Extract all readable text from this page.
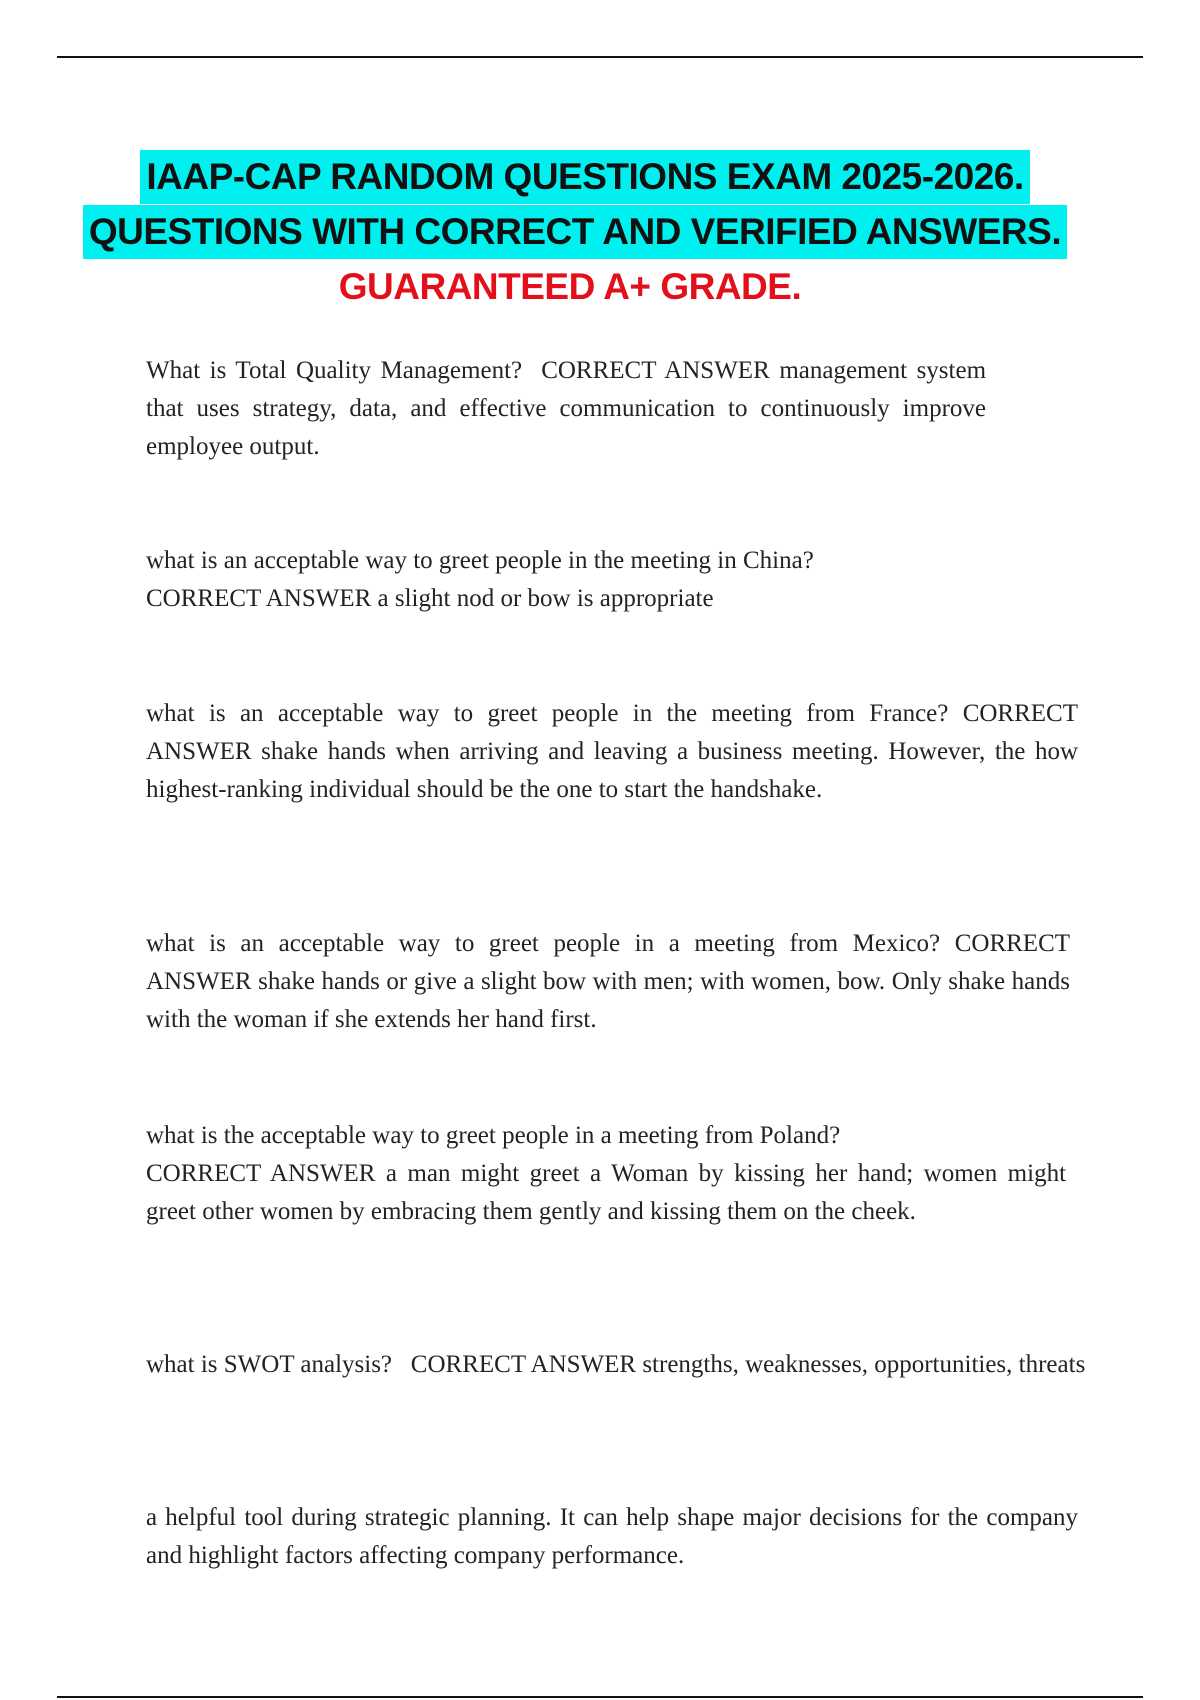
IAAP-CAP RANDOM QUESTIONS EXAM 2025-2026.
QUESTIONS WITH CORRECT AND VERIFIED ANSWERS.
GUARANTEED A+ GRADE.
What is Total Quality Management? CORRECT ANSWER management system that uses strategy, data, and effective communication to continuously improve employee output.
what is an acceptable way to greet people in the meeting in China?
CORRECT ANSWER a slight nod or bow is appropriate
what is an acceptable way to greet people in the meeting from France? CORRECT ANSWER shake hands when arriving and leaving a business meeting. However, the how highest-ranking individual should be the one to start the handshake.
what is an acceptable way to greet people in a meeting from Mexico? CORRECT ANSWER shake hands or give a slight bow with men; with women, bow. Only shake hands with the woman if she extends her hand first.
what is the acceptable way to greet people in a meeting from Poland?
CORRECT ANSWER a man might greet a Woman by kissing her hand; women might greet other women by embracing them gently and kissing them on the cheek.
what is SWOT analysis? CORRECT ANSWER strengths, weaknesses, opportunities, threats
a helpful tool during strategic planning. It can help shape major decisions for the company and highlight factors affecting company performance.
